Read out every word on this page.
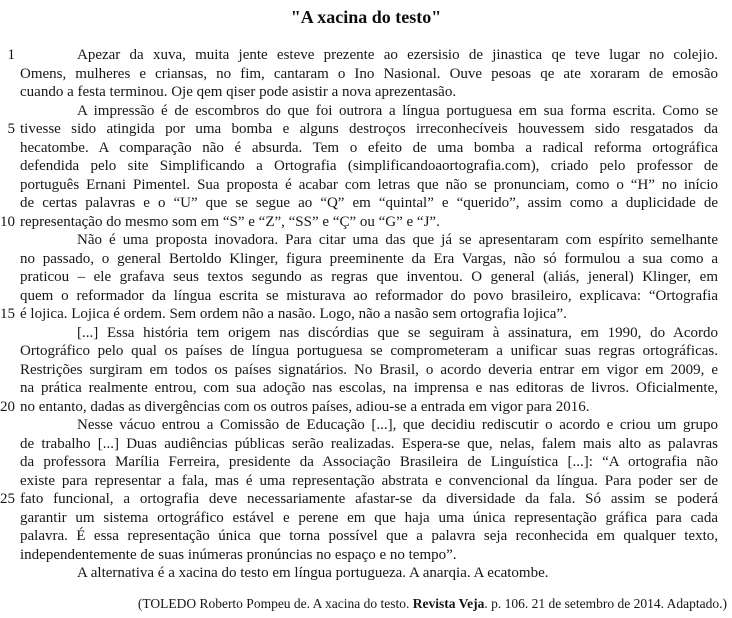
"A xacina do testo"
1	Apezar da xuva, muita jente esteve prezente ao ezersisio de jinastica qe teve lugar no colejio.
Omens, mulheres e criansas, no fim, cantaram o Ino Nasional. Ouve pesoas qe ate xoraram de emosão
cuando a festa terminou. Oje qem qiser pode asistir a nova aprezentasão.
A impressão é de escombros do que foi outrora a língua portuguesa em sua forma escrita. Como se
5 tivesse sido atingida por uma bomba e alguns destroços irreconhecíveis houvessem sido resgatados da
hecatombe. A comparação não é absurda. Tem o efeito de uma bomba a radical reforma ortográfica
defendida pelo site Simplificando a Ortografia (simplificandoaortografia.com), criado pelo professor de
português Ernani Pimentel. Sua proposta é acabar com letras que não se pronunciam, como o “H” no início
de certas palavras e o “U” que se segue ao “Q” em “quintal” e “querido”, assim como a duplicidade de
10 representação do mesmo som em “S” e “Z”, “SS” e “Ç” ou “G” e “J”.
Não é uma proposta inovadora. Para citar uma das que já se apresentaram com espírito semelhante
no passado, o general Bertoldo Klinger, figura preeminente da Era Vargas, não só formulou a sua como a
praticou – ele grafava seus textos segundo as regras que inventou. O general (aliás, jeneral) Klinger, em
quem o reformador da língua escrita se misturava ao reformador do povo brasileiro, explicava: “Ortografia
15 é lojica. Lojica é ordem. Sem ordem não a nasão. Logo, não a nasão sem ortografia lojica”.
[...] Essa história tem origem nas discórdias que se seguiram à assinatura, em 1990, do Acordo
Ortográfico pelo qual os países de língua portuguesa se comprometeram a unificar suas regras ortográficas.
Restrições surgiram em todos os países signatários. No Brasil, o acordo deveria entrar em vigor em 2009, e
na prática realmente entrou, com sua adoção nas escolas, na imprensa e nas editoras de livros. Oficialmente,
20 no entanto, dadas as divergências com os outros países, adiou-se a entrada em vigor para 2016.
Nesse vácuo entrou a Comissão de Educação [...], que decidiu rediscutir o acordo e criou um grupo
de trabalho [...] Duas audiências públicas serão realizadas. Espera-se que, nelas, falem mais alto as palavras
da professora Marília Ferreira, presidente da Associação Brasileira de Linguística [...]: “A ortografia não
existe para representar a fala, mas é uma representação abstrata e convencional da língua. Para poder ser de
25 fato funcional, a ortografia deve necessariamente afastar-se da diversidade da fala. Só assim se poderá
garantir um sistema ortográfico estável e perene em que haja uma única representação gráfica para cada
palavra. É essa representação única que torna possível que a palavra seja reconhecida em qualquer texto,
independentemente de suas inúmeras pronúncias no espaço e no tempo”.
A alternativa é a xacina do testo em língua portugueza. A anarqia. A ecatombe.
(TOLEDO Roberto Pompeu de. A xacina do testo. Revista Veja. p. 106. 21 de setembro de 2014. Adaptado.)
